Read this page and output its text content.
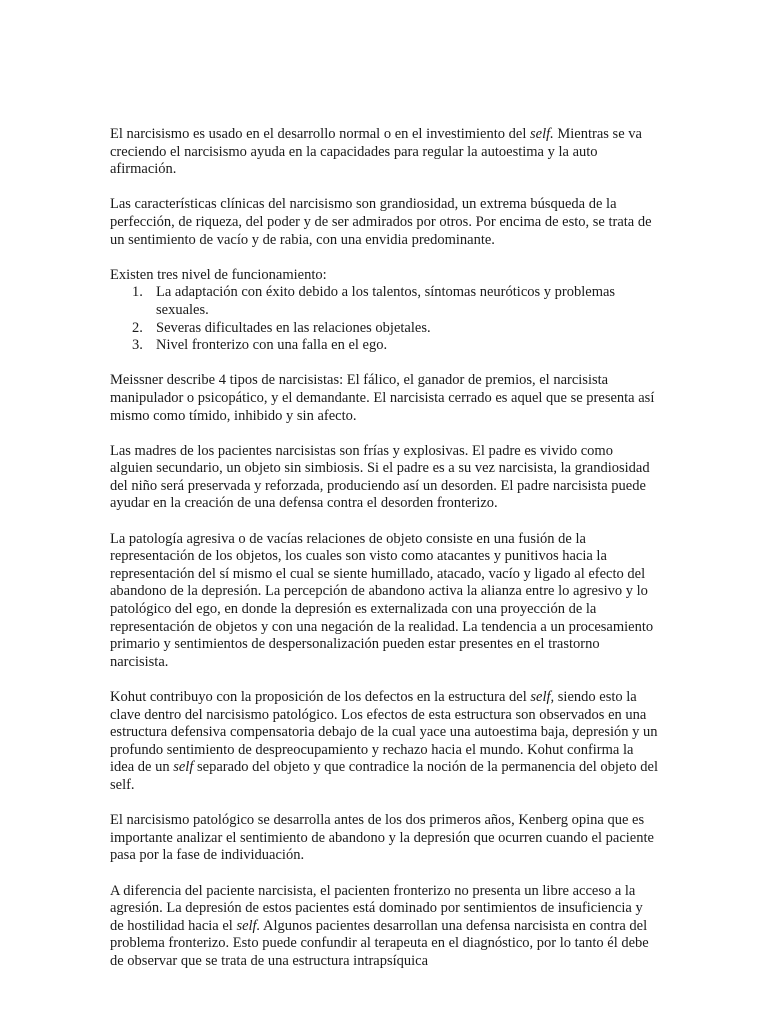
El narcisismo es usado en el desarrollo normal o en el investimiento del self. Mientras se va creciendo el narcisismo ayuda en la capacidades para regular la autoestima y la auto afirmación.

Las características clínicas del narcisismo son grandiosidad, un extrema búsqueda de la perfección, de riqueza, del poder y de ser admirados por otros. Por encima de esto, se trata de un sentimiento de vacío y de rabia, con una envidia predominante.

Existen tres nivel de funcionamiento:

1. La adaptación con éxito debido a los talentos, síntomas neuróticos y problemas sexuales.
2. Severas dificultades en las relaciones objetales.
3. Nivel fronterizo con una falla en el ego.

Meissner describe 4 tipos de narcisistas: El fálico, el ganador de premios, el narcisista manipulador o psicopático, y el demandante. El narcisista cerrado es aquel que se presenta así mismo como tímido, inhibido y sin afecto.

Las madres de los pacientes narcisistas son frías y explosivas. El padre es vivido como alguien secundario, un objeto sin simbiosis. Si el padre es a su vez narcisista, la grandiosidad del niño será preservada y reforzada, produciendo así un desorden. El padre narcisista puede ayudar en la creación de una defensa contra el desorden fronterizo.

La patología agresiva o de vacías relaciones de objeto consiste en una fusión de la representación de los objetos, los cuales son visto como atacantes y punitivos hacia la representación del sí mismo el cual se siente humillado, atacado, vacío y ligado al efecto del abandono de la depresión. La percepción de abandono activa la alianza entre lo agresivo y lo patológico del ego, en donde la depresión es externalizada con una proyección de la representación de objetos y con una negación de la realidad. La tendencia a un procesamiento primario y sentimientos de despersonalización pueden estar presentes en el trastorno narcisista.

Kohut contribuyo con la proposición de los defectos en la estructura del self, siendo esto la clave dentro del narcisismo patológico. Los efectos de esta estructura son observados en una estructura defensiva compensatoria debajo de la cual yace una autoestima baja, depresión y un profundo sentimiento de despreocupamiento y rechazo hacia el mundo. Kohut confirma la idea de un self separado del objeto y que contradice la noción de la permanencia del objeto del self.

El narcisismo patológico se desarrolla antes de los dos primeros años, Kenberg opina que es importante analizar el sentimiento de abandono y la depresión que ocurren cuando el paciente pasa por la fase de individuación.

A diferencia del paciente narcisista, el pacienten fronterizo no presenta un libre acceso a la agresión. La depresión de estos pacientes está dominado por sentimientos de insuficiencia y de hostilidad hacia el self. Algunos pacientes desarrollan una defensa narcisista en contra del problema fronterizo. Esto puede confundir al terapeuta en el diagnóstico, por lo tanto él debe de observar que se trata de una estructura intrapsíquica
